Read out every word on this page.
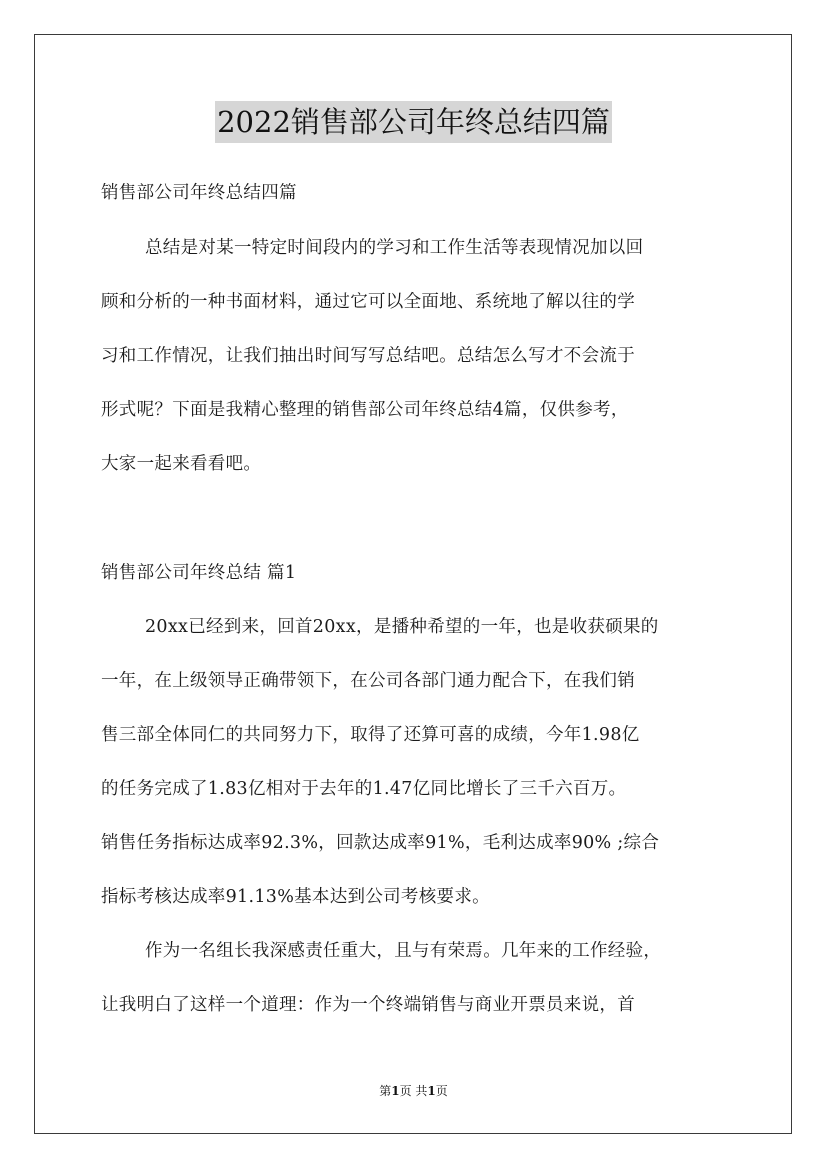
2022销售部公司年终总结四篇
销售部公司年终总结四篇
总结是对某一特定时间段内的学习和工作生活等表现情况加以回
顾和分析的一种书面材料，通过它可以全面地、系统地了解以往的学
习和工作情况，让我们抽出时间写写总结吧。总结怎么写才不会流于
形式呢？下面是我精心整理的销售部公司年终总结4篇，仅供参考，
大家一起来看看吧。
销售部公司年终总结 篇1
20xx已经到来，回首20xx，是播种希望的一年，也是收获硕果的
一年，在上级领导正确带领下，在公司各部门通力配合下，在我们销
售三部全体同仁的共同努力下，取得了还算可喜的成绩，今年1.98亿
的任务完成了1.83亿相对于去年的1.47亿同比增长了三千六百万。
销售任务指标达成率92.3%，回款达成率91%，毛利达成率90% ;综合
指标考核达成率91.13%基本达到公司考核要求。
作为一名组长我深感责任重大，且与有荣焉。几年来的工作经验，
让我明白了这样一个道理：作为一个终端销售与商业开票员来说，首
第1页 共1页
